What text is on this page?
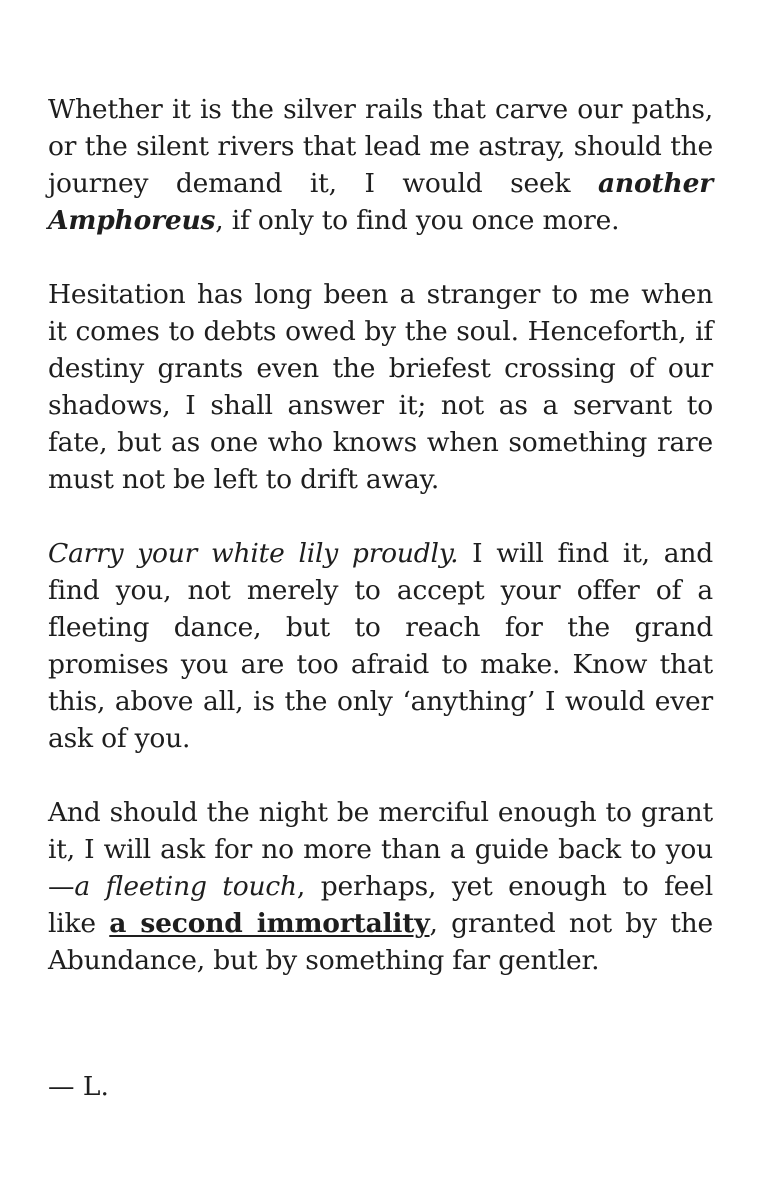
Whether it is the silver rails that carve our paths, or the silent rivers that lead me astray, should the journey demand it, I would seek another Amphoreus, if only to find you once more.

Hesitation has long been a stranger to me when it comes to debts owed by the soul. Henceforth, if destiny grants even the briefest crossing of our shadows, I shall answer it; not as a servant to fate, but as one who knows when something rare must not be left to drift away.

Carry your white lily proudly. I will find it, and find you, not merely to accept your offer of a fleeting dance, but to reach for the grand promises you are too afraid to make. Know that this, above all, is the only ‘anything’ I would ever ask of you.

And should the night be merciful enough to grant it, I will ask for no more than a guide back to you—a fleeting touch, perhaps, yet enough to feel like a second immortality, granted not by the Abundance, but by something far gentler.

— L.
